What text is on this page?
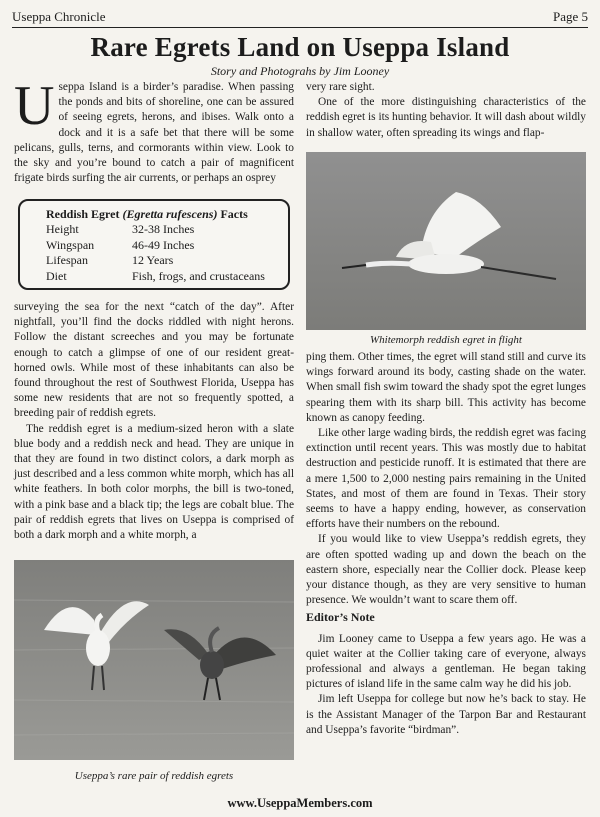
Useppa Chronicle	Page 5
Rare Egrets Land on Useppa Island
Story and Photograhs by Jim Looney

U seppa Island is a birder’s paradise. When passing the ponds and bits of shoreline, one can be assured of seeing egrets, herons, and ibises. Walk onto a dock and it is a safe bet that there will be some pelicans, gulls, terns, and cormorants within view. Look to the sky and you’re bound to catch a pair of magnificent frigate birds surfing the air currents, or perhaps an osprey

Reddish Egret (Egretta rufescens) Facts
Height	32-38 Inches
Wingspan	46-49 Inches
Lifespan	12 Years
Diet	Fish, frogs, and crustaceans

surveying the sea for the next “catch of the day”. After nightfall, you’ll find the docks riddled with night herons. Follow the distant screeches and you may be fortunate enough to catch a glimpse of one of our resident great-horned owls. While most of these inhabitants can also be found throughout the rest of Southwest Florida, Useppa has some new residents that are not so frequently spotted, a breeding pair of reddish egrets.

The reddish egret is a medium-sized heron with a slate blue body and a reddish neck and head. They are unique in that they are found in two distinct colors, a dark morph as just described and a less common white morph, which has all white feathers. In both color morphs, the bill is two-toned, with a pink base and a black tip; the legs are cobalt blue. The pair of reddish egrets that lives on Useppa is comprised of both a dark morph and a white morph, a

Useppa’s rare pair of reddish egrets

very rare sight.

One of the more distinguishing characteristics of the reddish egret is its hunting behavior. It will dash about wildly in shallow water, often spreading its wings and flap-

Whitemorph reddish egret in flight

ping them. Other times, the egret will stand still and curve its wings forward around its body, casting shade on the water. When small fish swim toward the shady spot the egret lunges spearing them with its sharp bill. This activity has become known as canopy feeding.

Like other large wading birds, the reddish egret was facing extinction until recent years. This was mostly due to habitat destruction and pesticide runoff. It is estimated that there are a mere 1,500 to 2,000 nesting pairs remaining in the United States, and most of them are found in Texas. Their story seems to have a happy ending, however, as conservation efforts have their numbers on the rebound.

If you would like to view Useppa’s reddish egrets, they are often spotted wading up and down the beach on the eastern shore, especially near the Collier dock. Please keep your distance though, as they are very sensitive to human presence. We wouldn’t want to scare them off.

Editor’s Note

Jim Looney came to Useppa a few years ago. He was a quiet waiter at the Collier taking care of everyone, always professional and always a gentleman. He began taking pictures of island life in the same calm way he did his job.

Jim left Useppa for college but now he’s back to stay. He is the Assistant Manager of the Tarpon Bar and Restaurant and Useppa’s favorite “birdman”.

www.UseppaMembers.com
